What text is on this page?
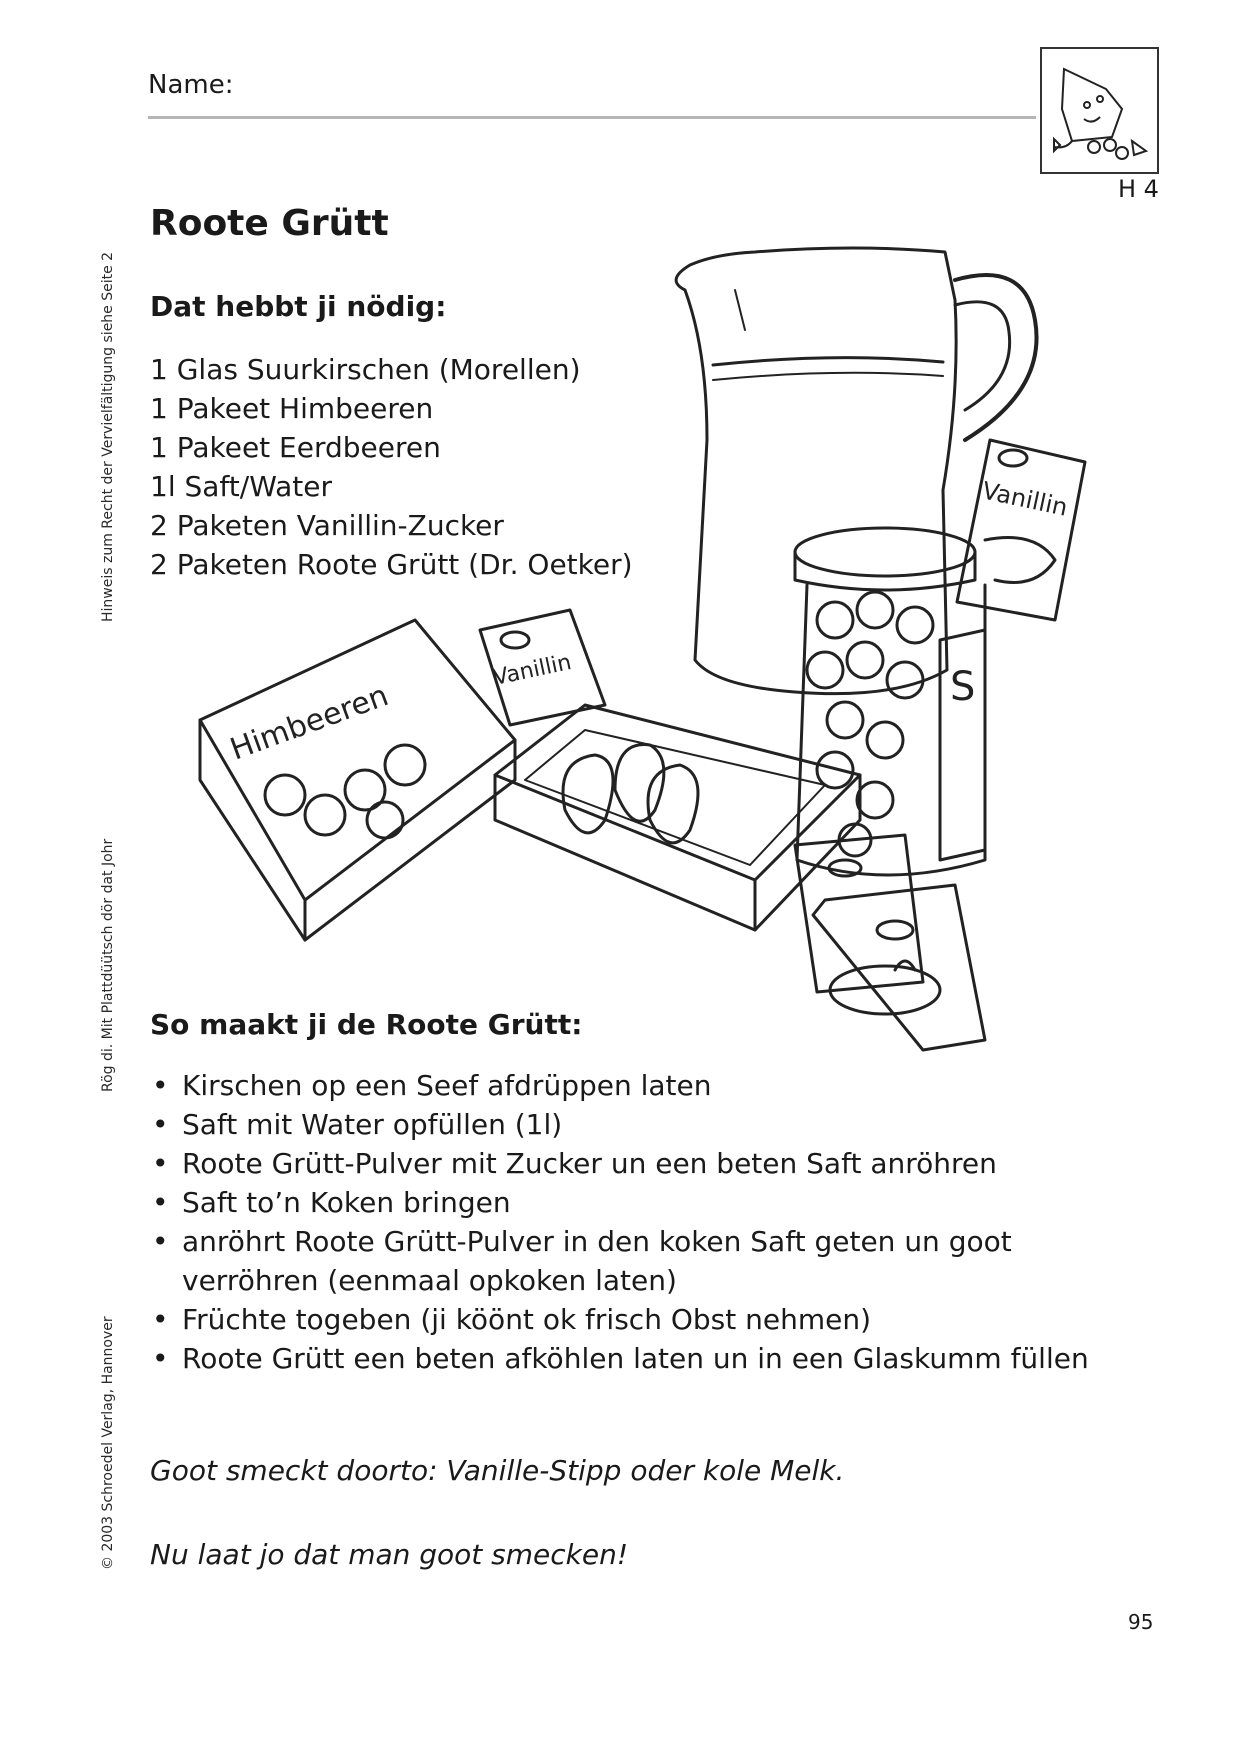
Name:
H 4
Hinweis zum Recht der Vervielfältigung siehe Seite 2
Rög di. Mit Plattdüütsch dör dat Johr
© 2003 Schroedel Verlag, Hannover
Roote Grütt
Dat hebbt ji nödig:
1 Glas Suurkirschen (Morellen)
1 Pakeet Himbeeren
1 Pakeet Eerdbeeren
1l Saft/Water
2 Paketen Vanillin-Zucker
2 Paketen Roote Grütt (Dr. Oetker)
Vanillin
S
Himbeeren
Vanillin
So maakt ji de Roote Grütt:
• Kirschen op een Seef afdrüppen laten
• Saft mit Water opfüllen (1l)
• Roote Grütt-Pulver mit Zucker un een beten Saft anröhren
• Saft to’n Koken bringen
• anröhrt Roote Grütt-Pulver in den koken Saft geten un goot verröhren (eenmaal opkoken laten)
• Früchte togeben (ji köönt ok frisch Obst nehmen)
• Roote Grütt een beten afköhlen laten un in een Glaskumm füllen
Goot smeckt doorto: Vanille-Stipp oder kole Melk.
Nu laat jo dat man goot smecken!
95
